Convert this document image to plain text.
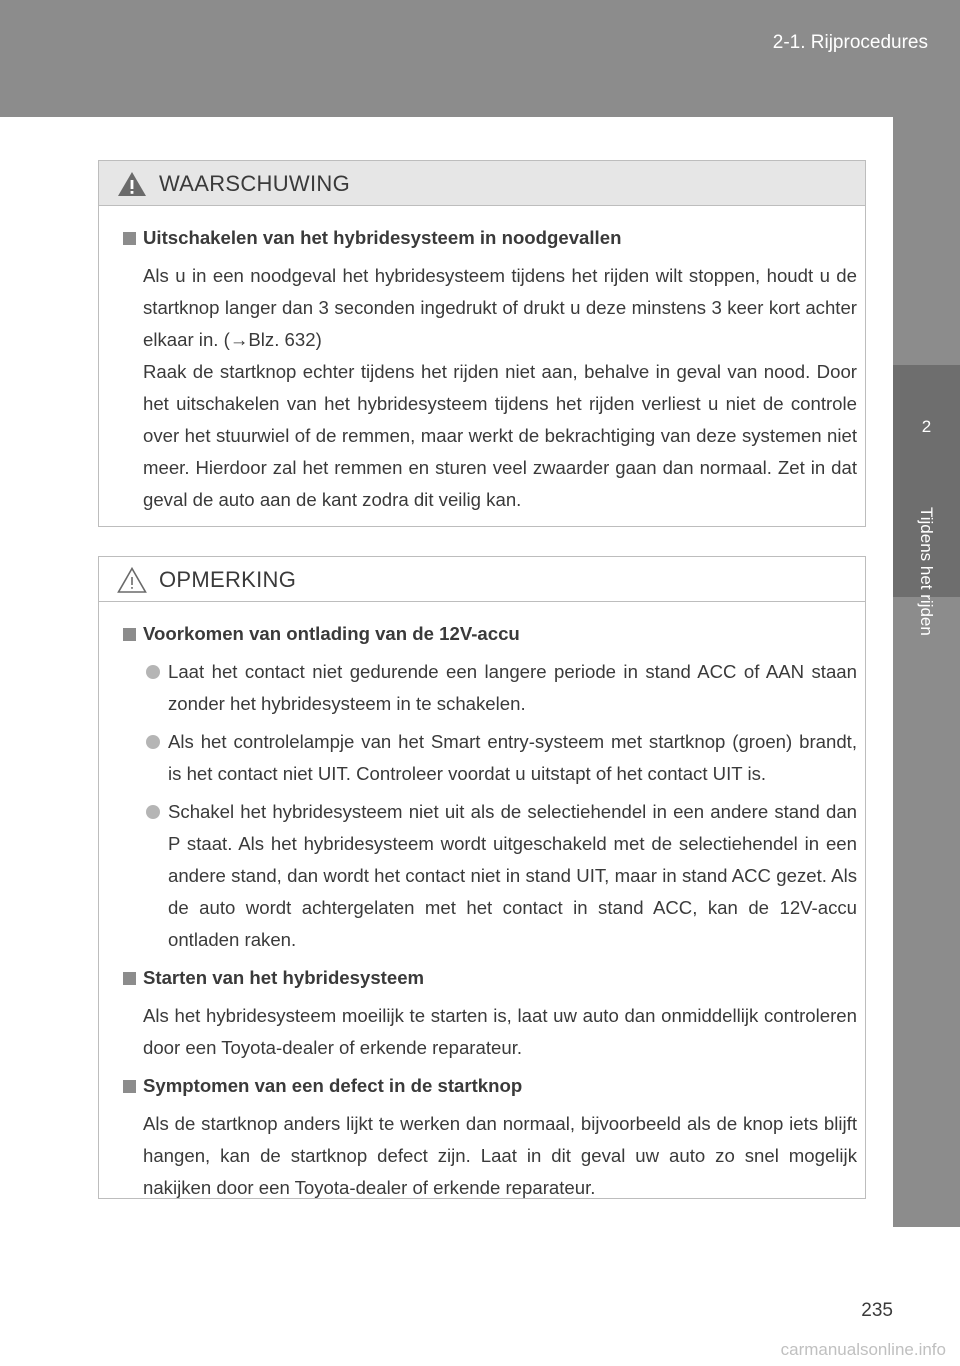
2-1. Rijprocedures
2
Tijdens het rijden
WAARSCHUWING
Uitschakelen van het hybridesysteem in noodgevallen
Als u in een noodgeval het hybridesysteem tijdens het rijden wilt stoppen, houdt u de startknop langer dan 3 seconden ingedrukt of drukt u deze minstens 3 keer kort achter elkaar in. (→Blz. 632)
Raak de startknop echter tijdens het rijden niet aan, behalve in geval van nood. Door het uitschakelen van het hybridesysteem tijdens het rijden verliest u niet de controle over het stuurwiel of de remmen, maar werkt de bekrachtiging van deze systemen niet meer. Hierdoor zal het remmen en sturen veel zwaarder gaan dan normaal. Zet in dat geval de auto aan de kant zodra dit veilig kan.
OPMERKING
Voorkomen van ontlading van de 12V-accu
Laat het contact niet gedurende een langere periode in stand ACC of AAN staan zonder het hybridesysteem in te schakelen.
Als het controlelampje van het Smart entry-systeem met startknop (groen) brandt, is het contact niet UIT. Controleer voordat u uitstapt of het contact UIT is.
Schakel het hybridesysteem niet uit als de selectiehendel in een andere stand dan P staat. Als het hybridesysteem wordt uitgeschakeld met de selectiehendel in een andere stand, dan wordt het contact niet in stand UIT, maar in stand ACC gezet. Als de auto wordt achtergelaten met het contact in stand ACC, kan de 12V-accu ontladen raken.
Starten van het hybridesysteem
Als het hybridesysteem moeilijk te starten is, laat uw auto dan onmiddellijk controleren door een Toyota-dealer of erkende reparateur.
Symptomen van een defect in de startknop
Als de startknop anders lijkt te werken dan normaal, bijvoorbeeld als de knop iets blijft hangen, kan de startknop defect zijn. Laat in dit geval uw auto zo snel mogelijk nakijken door een Toyota-dealer of erkende reparateur.
235
carmanualsonline.info
